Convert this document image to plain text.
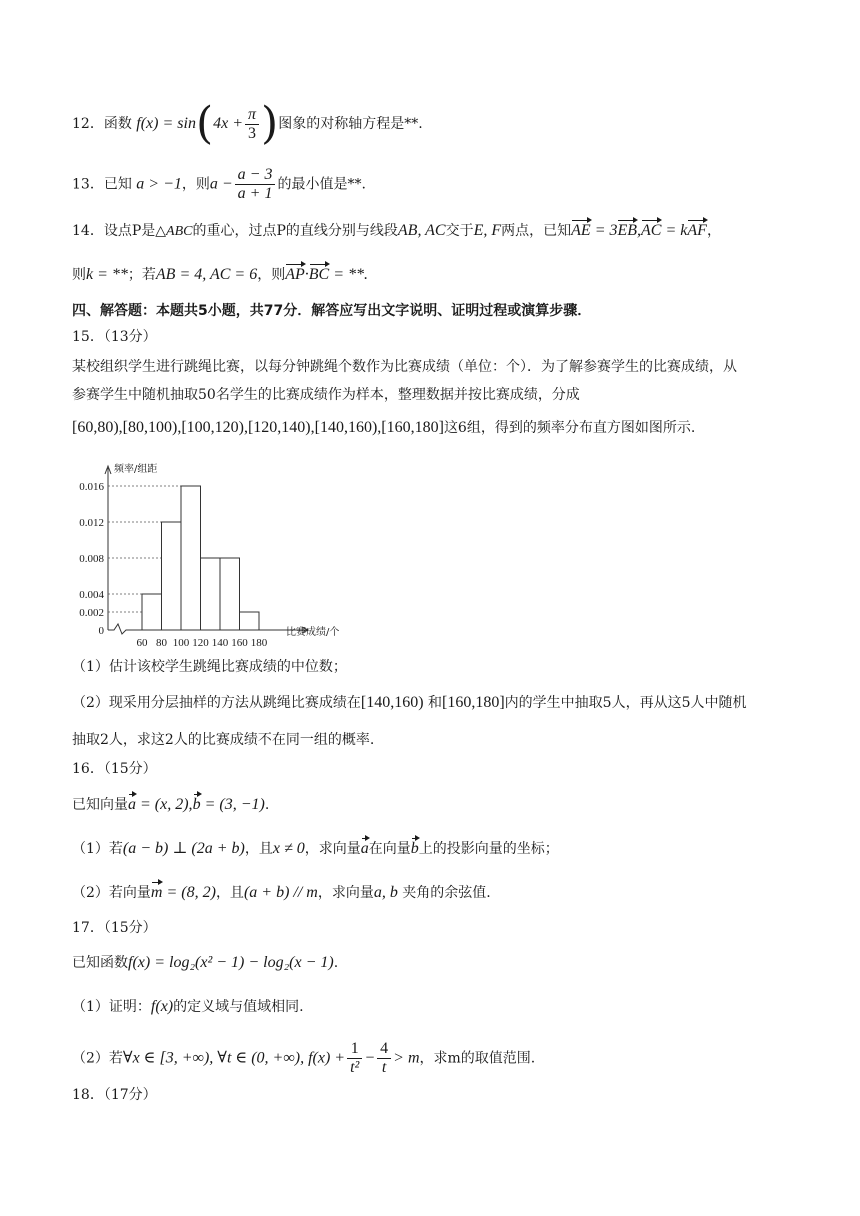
12．函数 $f(x) = \sin(4x + \frac{\pi}{3}$ )图象的对称轴方程是**.
13．已知 a > −1，则$a - \frac{a - 3}{a + 1}$ 的最小值是**.
14．设点P是△ABC的重心，过点P的直线分别与线段AB, AC交于E, F两点，已知AE = 3EB,AC = kAF，
则k = **；若AB = 4, AC = 6，则AP·BC = **.
四、解答题：本题共5小题，共77分．解答应写出文字说明、证明过程或演算步骤．
15．（13分）
某校组织学生进行跳绳比赛，以每分钟跳绳个数作为比赛成绩（单位：个）．为了解参赛学生的比赛成绩，从
参赛学生中随机抽取50名学生的比赛成绩作为样本，整理数据并按比赛成绩，分成
[60,80),[80,100),[100,120),[120,140),[140,160),[160,180]这6组，得到的频率分布直方图如图所示.
频率/组距
比赛成绩/个
0.016
0.012
0.008
0.004
0.002
0
60 80 100 120 140 160 180
（1）估计该校学生跳绳比赛成绩的中位数；
（2）现采用分层抽样的方法从跳绳比赛成绩在[140,160) 和[160,180]内的学生中抽取5人，再从这5人中随机
抽取2人，求这2人的比赛成绩不在同一组的概率.
16．（15分）
已知向量a = (x, 2),b = (3, −1).
（1）若(a − b) ⊥ (2a + b)，且x ≠ 0，求向量a在向量b上的投影向量的坐标；
（2）若向量m = (8, 2)，且(a + b) // m，求向量a, b 夹角的余弦值.
17．（15分）
已知函数f(x) = log₂(x² − 1) − log₂(x − 1).
（1）证明：f(x)的定义域与值域相同.
（2）若∀x ∈ [3, +∞), ∀t ∈ (0, +∞), $f(x) + \frac{1}{\text{t²}} - \frac{4}{t} > m$，求m的取值范围.
18．（17分）
